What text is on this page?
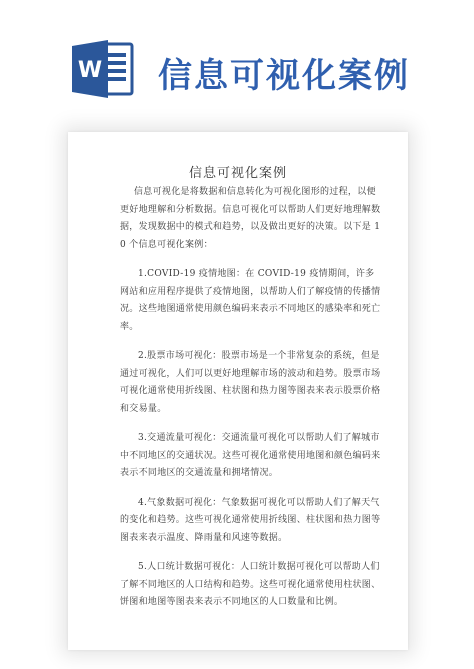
W 信息可视化案例
信息可视化案例

信息可视化是将数据和信息转化为可视化图形的过程，以便更好地理解和分析数据。信息可视化可以帮助人们更好地理解数据，发现数据中的模式和趋势，以及做出更好的决策。以下是 10 个信息可视化案例：

1.COVID-19 疫情地图：在 COVID-19 疫情期间，许多网站和应用程序提供了疫情地图，以帮助人们了解疫情的传播情况。这些地图通常使用颜色编码来表示不同地区的感染率和死亡率。

2.股票市场可视化：股票市场是一个非常复杂的系统，但是通过可视化，人们可以更好地理解市场的波动和趋势。股票市场可视化通常使用折线图、柱状图和热力图等图表来表示股票价格和交易量。

3.交通流量可视化：交通流量可视化可以帮助人们了解城市中不同地区的交通状况。这些可视化通常使用地图和颜色编码来表示不同地区的交通流量和拥堵情况。

4.气象数据可视化：气象数据可视化可以帮助人们了解天气的变化和趋势。这些可视化通常使用折线图、柱状图和热力图等图表来表示温度、降雨量和风速等数据。

5.人口统计数据可视化：人口统计数据可视化可以帮助人们了解不同地区的人口结构和趋势。这些可视化通常使用柱状图、饼图和地图等图表来表示不同地区的人口数量和比例。
